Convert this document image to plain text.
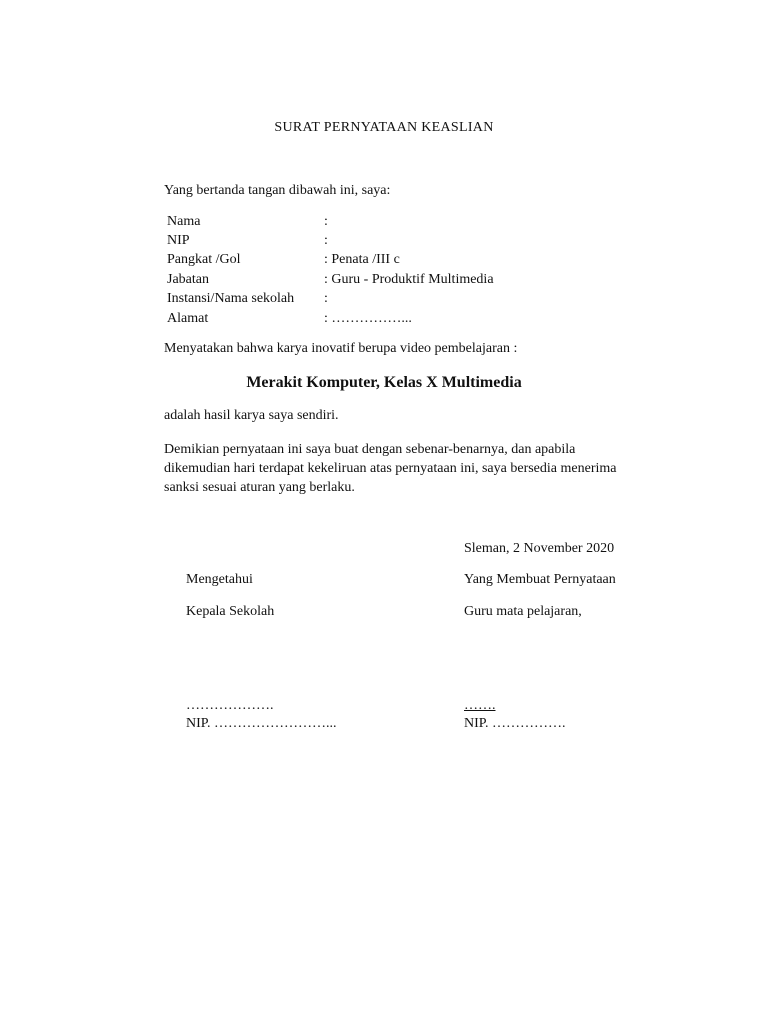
SURAT PERNYATAAN KEASLIAN
Yang bertanda tangan dibawah ini, saya:
Nama	:
NIP	:
Pangkat /Gol	: Penata /III c
Jabatan	: Guru - Produktif Multimedia
Instansi/Nama sekolah :
Alamat	: ……………...
Menyatakan bahwa karya inovatif berupa video pembelajaran :
Merakit Komputer, Kelas X Multimedia
adalah hasil karya saya sendiri.
Demikian pernyataan ini saya buat dengan sebenar-benarnya, dan apabila
dikemudian hari terdapat kekeliruan atas pernyataan ini, saya bersedia menerima
sanksi sesuai aturan yang berlaku.
Sleman, 2 November 2020
Mengetahui	Yang Membuat Pernyataan
Kepala Sekolah	Guru mata pelajaran,
……………….	…….
NIP. ……………………...	NIP. …………….
